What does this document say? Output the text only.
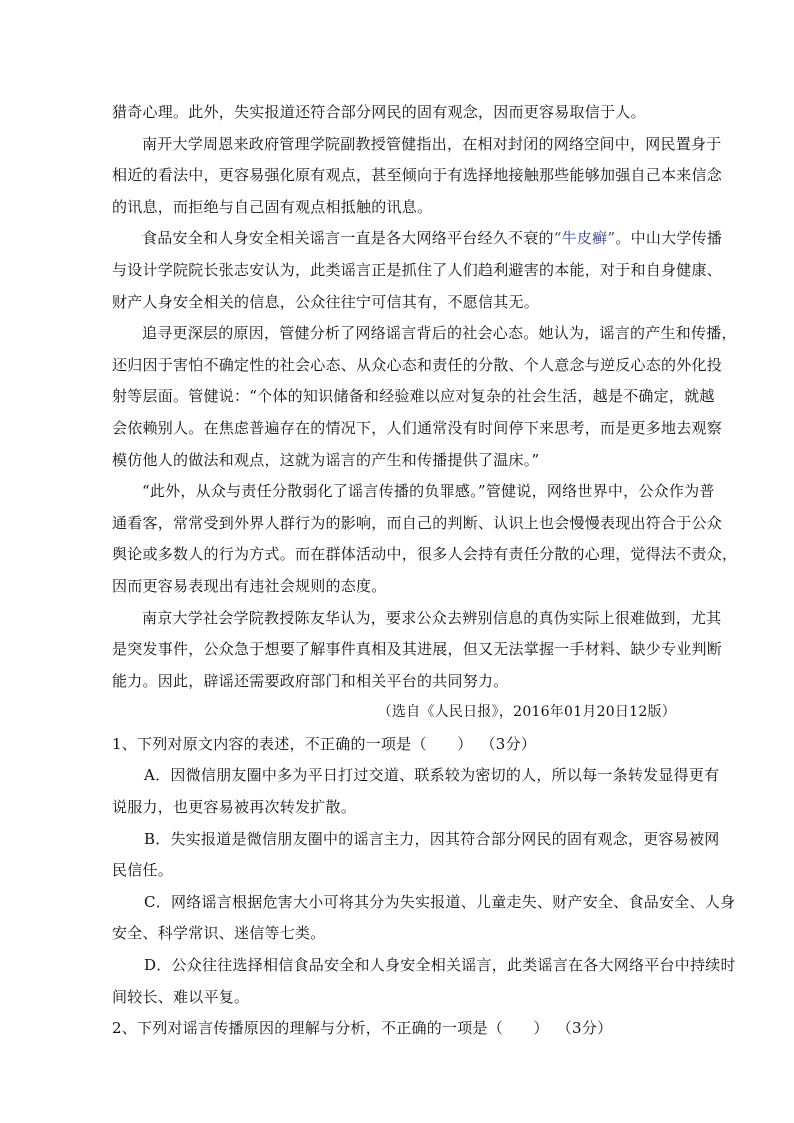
猎奇心理。此外，失实报道还符合部分网民的固有观念，因而更容易取信于人。
南开大学周恩来政府管理学院副教授管健指出，在相对封闭的网络空间中，网民置身于
相近的看法中，更容易强化原有观点，甚至倾向于有选择地接触那些能够加强自己本来信念
的讯息，而拒绝与自己固有观点相抵触的讯息。
食品安全和人身安全相关谣言一直是各大网络平台经久不衰的“牛皮癣”。中山大学传播
与设计学院院长张志安认为，此类谣言正是抓住了人们趋利避害的本能，对于和自身健康、
财产人身安全相关的信息，公众往往宁可信其有，不愿信其无。
追寻更深层的原因，管健分析了网络谣言背后的社会心态。她认为，谣言的产生和传播，
还归因于害怕不确定性的社会心态、从众心态和责任的分散、个人意念与逆反心态的外化投
射等层面。管健说：“个体的知识储备和经验难以应对复杂的社会生活，越是不确定，就越
会依赖别人。在焦虑普遍存在的情况下，人们通常没有时间停下来思考，而是更多地去观察
模仿他人的做法和观点，这就为谣言的产生和传播提供了温床。”
“此外，从众与责任分散弱化了谣言传播的负罪感。”管健说，网络世界中，公众作为普
通看客，常常受到外界人群行为的影响，而自己的判断、认识上也会慢慢表现出符合于公众
舆论或多数人的行为方式。而在群体活动中，很多人会持有责任分散的心理，觉得法不责众，
因而更容易表现出有违社会规则的态度。
南京大学社会学院教授陈友华认为，要求公众去辨别信息的真伪实际上很难做到，尤其
是突发事件，公众急于想要了解事件真相及其进展，但又无法掌握一手材料、缺少专业判断
能力。因此，辟谣还需要政府部门和相关平台的共同努力。
（选自《人民日报》，2016年01月20日12版）
1、下列对原文内容的表述，不正确的一项是（　　） （3分）
A．因微信朋友圈中多为平日打过交道、联系较为密切的人，所以每一条转发显得更有
说服力，也更容易被再次转发扩散。
B．失实报道是微信朋友圈中的谣言主力，因其符合部分网民的固有观念，更容易被网
民信任。
C．网络谣言根据危害大小可将其分为失实报道、儿童走失、财产安全、食品安全、人身
安全、科学常识、迷信等七类。
D．公众往往选择相信食品安全和人身安全相关谣言，此类谣言在各大网络平台中持续时
间较长、难以平复。
2、下列对谣言传播原因的理解与分析，不正确的一项是（　　） （3分）
